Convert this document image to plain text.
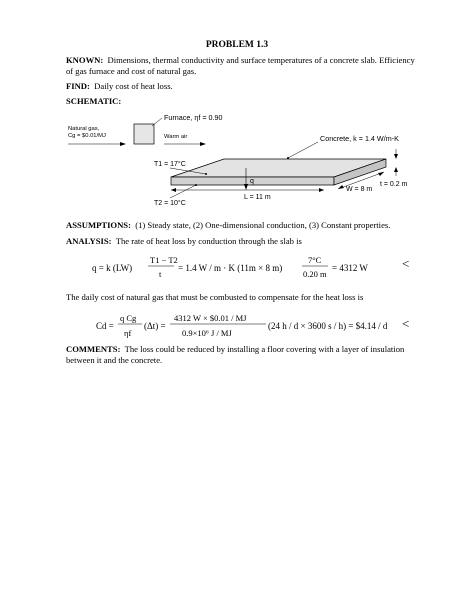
PROBLEM 1.3
KNOWN: Dimensions, thermal conductivity and surface temperatures of a concrete slab. Efficiency of gas furnace and cost of natural gas.
FIND: Daily cost of heat loss.
SCHEMATIC:
Furnace, ηf = 0.90
Natural gas,
Cg = $0.01/MJ	Warm air	Concrete, k = 1.4 W/m-K
T1 = 17°C
q
T2 = 10°C
L = 11 m
W = 8 m
t = 0.2 m
ASSUMPTIONS: (1) Steady state, (2) One-dimensional conduction, (3) Constant properties.
ANALYSIS: The rate of heat loss by conduction through the slab is
q = k (LW)
T1 − T2
t
= 1.4 W / m · K (11m × 8 m)
7°C
0.20 m
= 4312 W	<
The daily cost of natural gas that must be combusted to compensate for the heat loss is
Cd =
q Cg
ηf
(Δt) =
4312 W × $0.01 / MJ
0.9×10⁶ J / MJ
(24 h / d × 3600 s / h) = $4.14 / d <
COMMENTS: The loss could be reduced by installing a floor covering with a layer of insulation between it and the concrete.
